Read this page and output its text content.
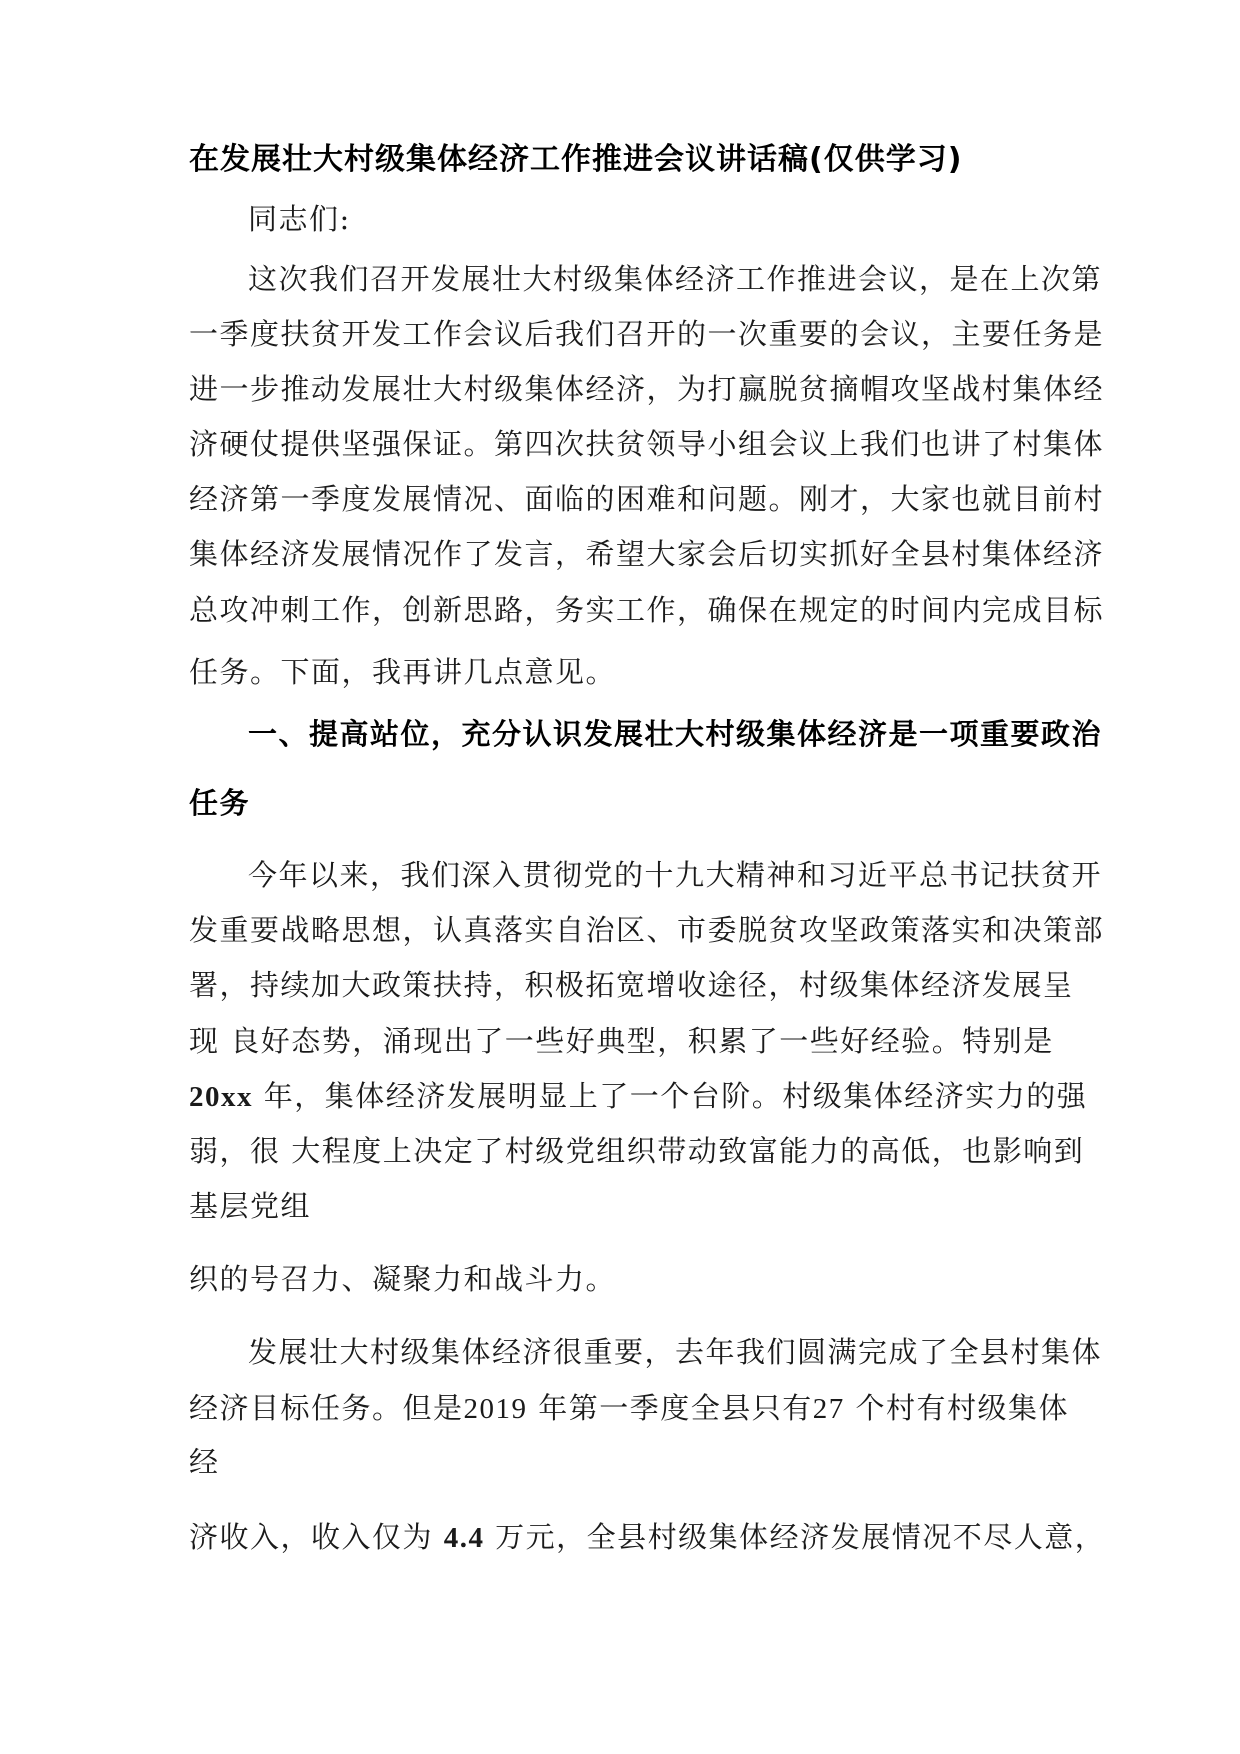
在发展壮大村级集体经济工作推进会议讲话稿(仅供学习)
同志们:
这次我们召开发展壮大村级集体经济工作推进会议，是在上次第
一季度扶贫开发工作会议后我们召开的一次重要的会议，主要任务是
进一步推动发展壮大村级集体经济，为打赢脱贫摘帽攻坚战村集体经
济硬仗提供坚强保证。第四次扶贫领导小组会议上我们也讲了村集体
经济第一季度发展情况、面临的困难和问题。刚才，大家也就目前村
集体经济发展情况作了发言，希望大家会后切实抓好全县村集体经济
总攻冲刺工作，创新思路，务实工作，确保在规定的时间内完成目标
任务。下面，我再讲几点意见。
一、提高站位，充分认识发展壮大村级集体经济是一项重要政治
任务
今年以来，我们深入贯彻党的十九大精神和习近平总书记扶贫开
发重要战略思想，认真落实自治区、市委脱贫攻坚政策落实和决策部
署，持续加大政策扶持，积极拓宽增收途径，村级集体经济发展呈
现 良好态势，涌现出了一些好典型，积累了一些好经验。特别是
20xx 年，集体经济发展明显上了一个台阶。村级集体经济实力的强
弱，很 大程度上决定了村级党组织带动致富能力的高低，也影响到
基层党组
织的号召力、凝聚力和战斗力。
发展壮大村级集体经济很重要，去年我们圆满完成了全县村集体
经济目标任务。但是2019 年第一季度全县只有27 个村有村级集体
经
济收入，收入仅为 4.4 万元，全县村级集体经济发展情况不尽人意，
